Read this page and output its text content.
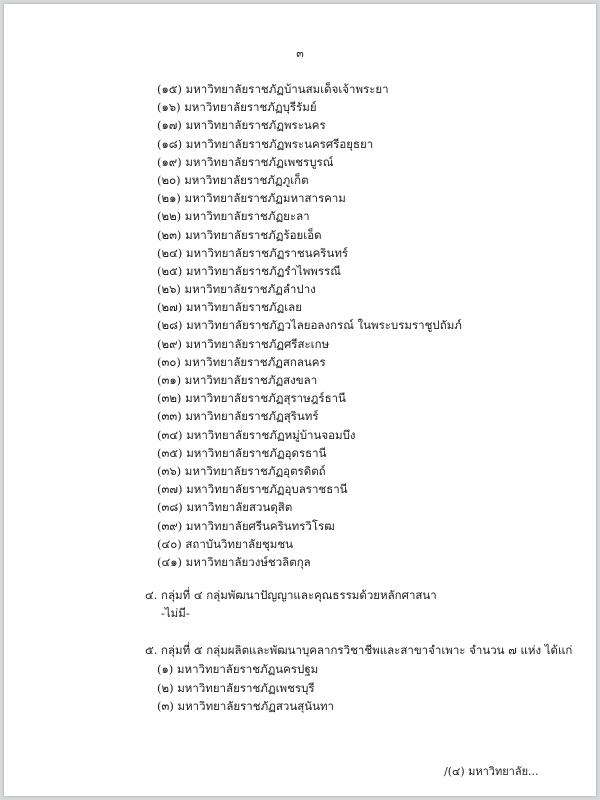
๓
(๑๕) มหาวิทยาลัยราชภัฏบ้านสมเด็จเจ้าพระยา
(๑๖) มหาวิทยาลัยราชภัฏบุรีรัมย์
(๑๗) มหาวิทยาลัยราชภัฏพระนคร
(๑๘) มหาวิทยาลัยราชภัฏพระนครศรีอยุธยา
(๑๙) มหาวิทยาลัยราชภัฏเพชรบูรณ์
(๒๐) มหาวิทยาลัยราชภัฏภูเก็ต
(๒๑) มหาวิทยาลัยราชภัฏมหาสารคาม
(๒๒) มหาวิทยาลัยราชภัฏยะลา
(๒๓) มหาวิทยาลัยราชภัฏร้อยเอ็ด
(๒๔) มหาวิทยาลัยราชภัฏราชนครินทร์
(๒๕) มหาวิทยาลัยราชภัฏรำไพพรรณี
(๒๖) มหาวิทยาลัยราชภัฏลำปาง
(๒๗) มหาวิทยาลัยราชภัฏเลย
(๒๘) มหาวิทยาลัยราชภัฏวไลยอลงกรณ์ ในพระบรมราชูปถัมภ์
(๒๙) มหาวิทยาลัยราชภัฏศรีสะเกษ
(๓๐) มหาวิทยาลัยราชภัฏสกลนคร
(๓๑) มหาวิทยาลัยราชภัฏสงขลา
(๓๒) มหาวิทยาลัยราชภัฏสุราษฎร์ธานี
(๓๓) มหาวิทยาลัยราชภัฏสุรินทร์
(๓๔) มหาวิทยาลัยราชภัฏหมู่บ้านจอมบึง
(๓๕) มหาวิทยาลัยราชภัฏอุดรธานี
(๓๖) มหาวิทยาลัยราชภัฏอุตรดิตถ์
(๓๗) มหาวิทยาลัยราชภัฏอุบลราชธานี
(๓๘) มหาวิทยาลัยสวนดุสิต
(๓๙) มหาวิทยาลัยศรีนครินทรวิโรฒ
(๔๐) สถาบันวิทยาลัยชุมชน
(๔๑) มหาวิทยาลัยวงษ์ชวลิตกุล
๔. กลุ่มที่ ๔ กลุ่มพัฒนาปัญญาและคุณธรรมด้วยหลักศาสนา
-ไม่มี-
๕. กลุ่มที่ ๕ กลุ่มผลิตและพัฒนาบุคลากรวิชาชีพและสาขาจำเพาะ จำนวน ๗ แห่ง ได้แก่
(๑) มหาวิทยาลัยราชภัฏนครปฐม
(๒) มหาวิทยาลัยราชภัฏเพชรบุรี
(๓) มหาวิทยาลัยราชภัฏสวนสุนันทา
/(๔) มหาวิทยาลัย...
